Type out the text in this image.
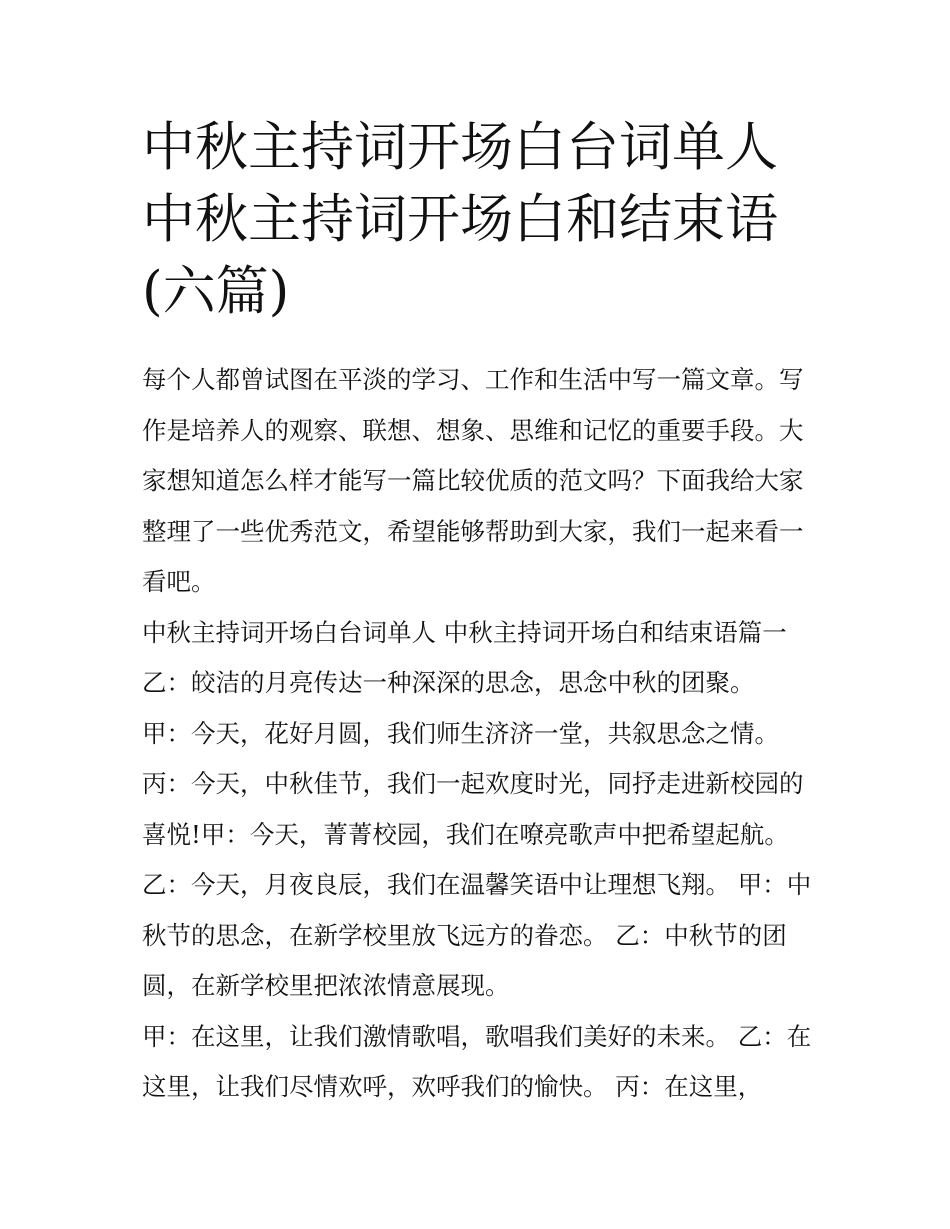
中秋主持词开场白台词单人 中秋主持词开场白和结束语(六篇)

每个人都曾试图在平淡的学习、工作和生活中写一篇文章。写作是培养人的观察、联想、想象、思维和记忆的重要手段。大家想知道怎么样才能写一篇比较优质的范文吗？下面我给大家整理了一些优秀范文，希望能够帮助到大家，我们一起来看一看吧。

中秋主持词开场白台词单人 中秋主持词开场白和结束语篇一

乙：皎洁的月亮传达一种深深的思念，思念中秋的团聚。

甲：今天，花好月圆，我们师生济济一堂，共叙思念之情。

丙：今天，中秋佳节，我们一起欢度时光，同抒走进新校园的喜悦!甲：今天，菁菁校园，我们在嘹亮歌声中把希望起航。

乙：今天，月夜良辰，我们在温馨笑语中让理想飞翔。 甲：中秋节的思念，在新学校里放飞远方的眷恋。 乙：中秋节的团圆，在新学校里把浓浓情意展现。

甲：在这里，让我们激情歌唱，歌唱我们美好的未来。 乙：在这里，让我们尽情欢呼，欢呼我们的愉快。 丙：在这里，
